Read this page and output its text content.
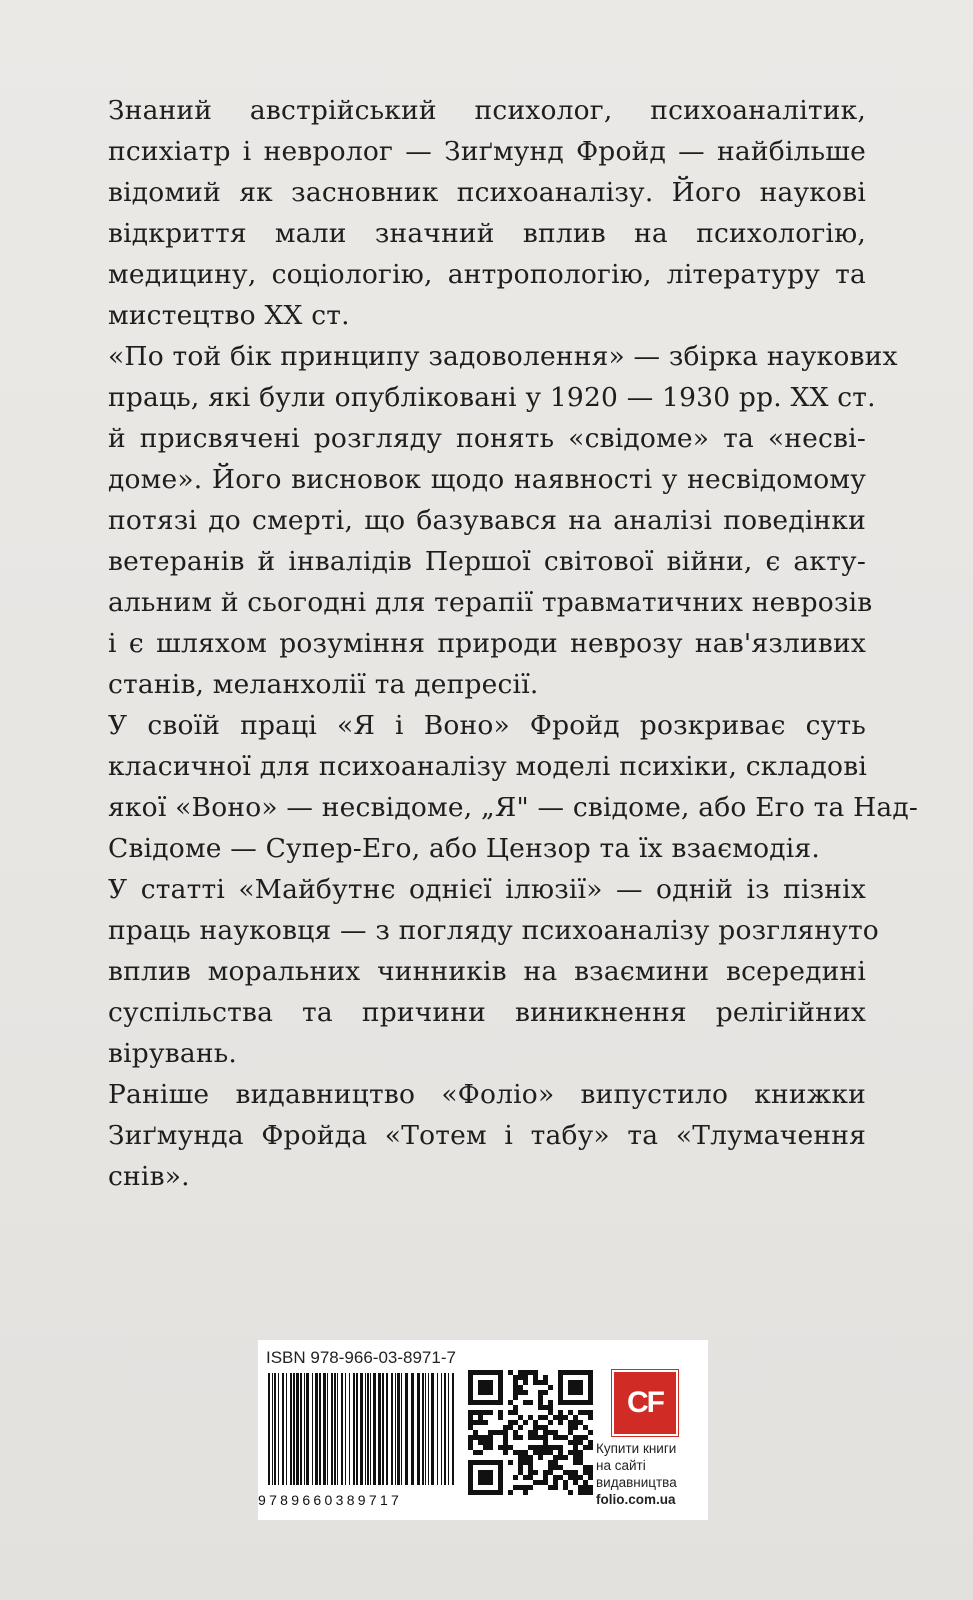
Знаний австрійський психолог, психоаналітик,

психіатр і невролог — Зиґмунд Фройд — найбільше

відомий як засновник психоаналізу. Його наукові

відкриття мали значний вплив на психологію,

медицину, соціологію, антропологію, літературу та

мистецтво ХХ ст.

«По той бік принципу задоволення» — збірка наукових

праць, які були опубліковані у 1920 — 1930 рр. ХХ ст.

й присвячені розгляду понять «свідоме» та «несві-

доме». Його висновок щодо наявності у несвідомому

потязі до смерті, що базувався на аналізі поведінки

ветеранів й інвалідів Першої світової війни, є акту-

альним й сьогодні для терапії травматичних неврозів

і є шляхом розуміння природи неврозу нав'язливих

станів, меланхолії та депресії.

У своїй праці «Я і Воно» Фройд розкриває суть

класичної для психоаналізу моделі психіки, складові

якої «Воно» — несвідоме, „Я" — свідоме, або Его та Над-

Свідоме — Супер-Его, або Цензор та їх взаємодія.

У статті «Майбутнє однієї ілюзії» — одній із пізніх

праць науковця — з погляду психоаналізу розглянуто

вплив моральних чинників на взаємини всередині

суспільства та причини виникнення релігійних

вірувань.

Раніше видавництво «Фоліо» випустило книжки

Зиґмунда Фройда «Тотем і табу» та «Тлумачення

снів».

ISBN 978-966-03-8971-7
9789660389717
CF
Купити книги
на сайті
видавництва
folio.com.ua
